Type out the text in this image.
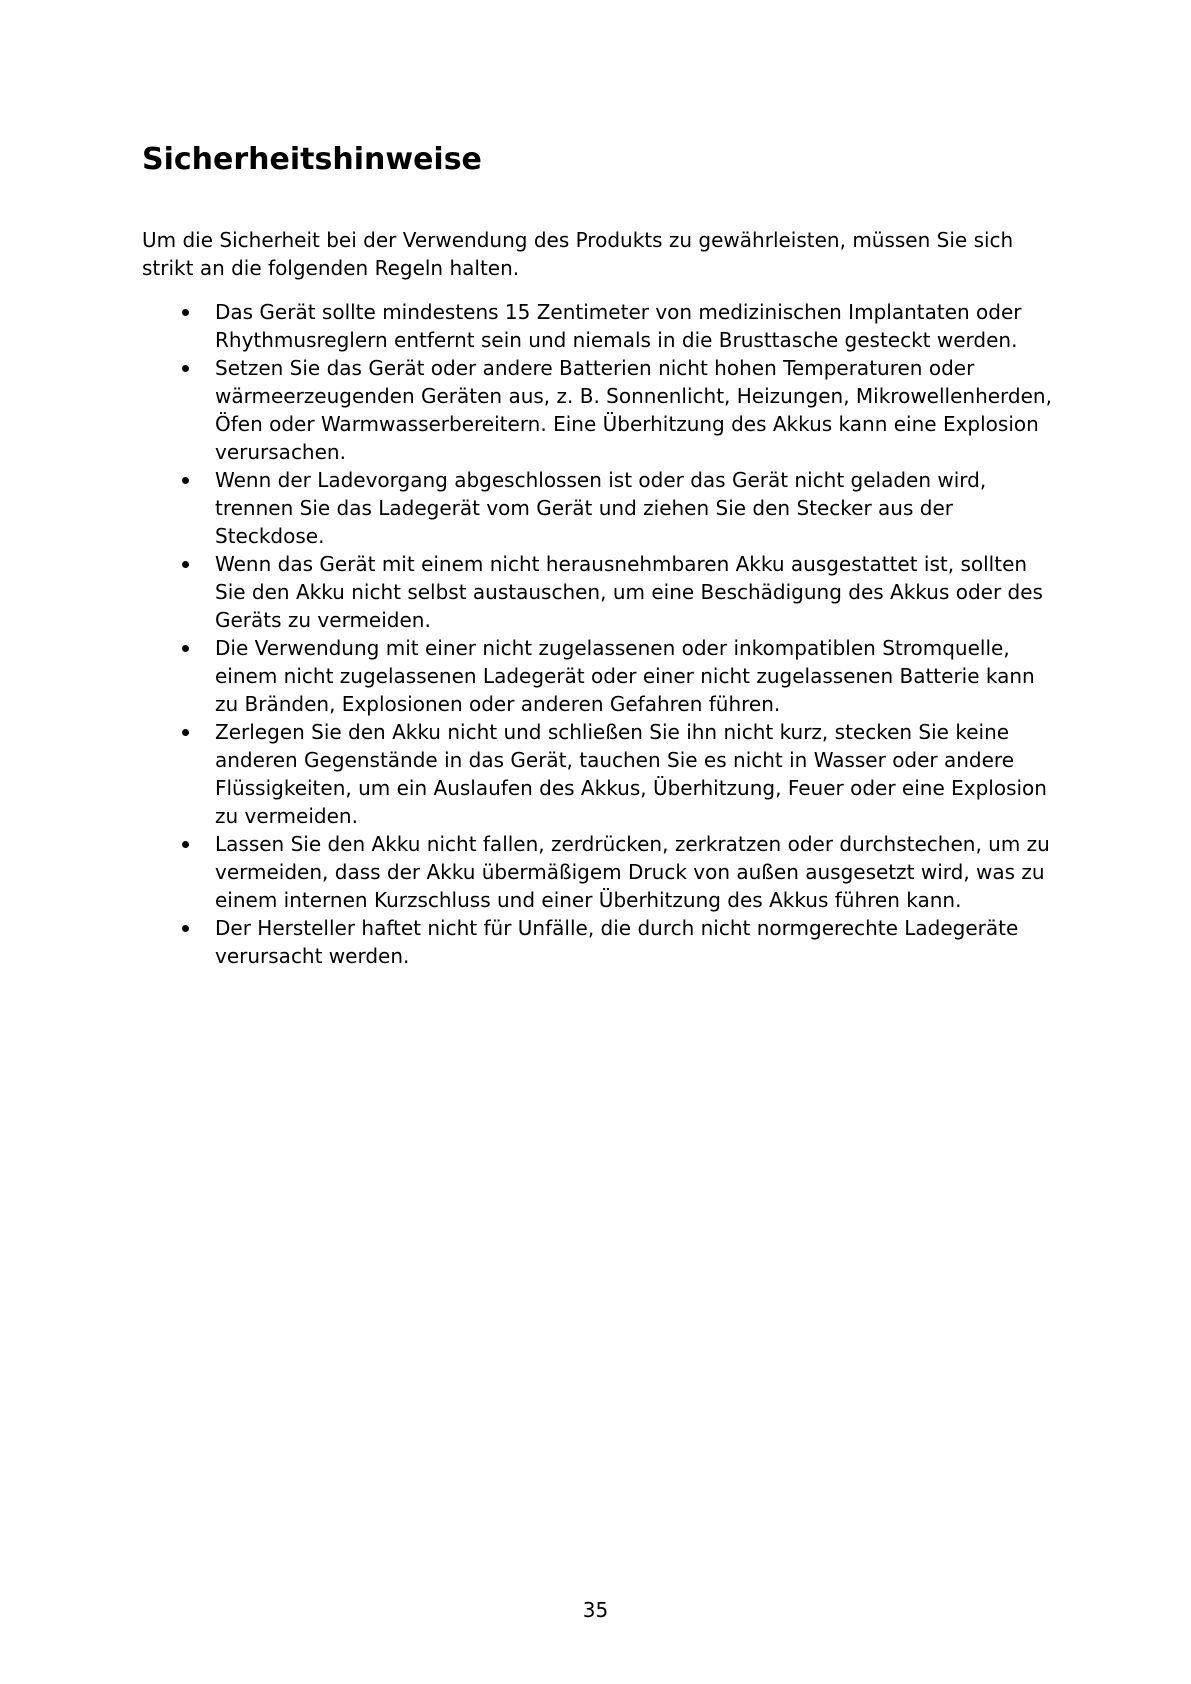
Sicherheitshinweise
Um die Sicherheit bei der Verwendung des Produkts zu gewährleisten, müssen Sie sich
strikt an die folgenden Regeln halten.
Das Gerät sollte mindestens 15 Zentimeter von medizinischen Implantaten oder
Rhythmusreglern entfernt sein und niemals in die Brusttasche gesteckt werden.
Setzen Sie das Gerät oder andere Batterien nicht hohen Temperaturen oder
wärmeerzeugenden Geräten aus, z. B. Sonnenlicht, Heizungen, Mikrowellenherden,
Öfen oder Warmwasserbereitern. Eine Überhitzung des Akkus kann eine Explosion
verursachen.
Wenn der Ladevorgang abgeschlossen ist oder das Gerät nicht geladen wird,
trennen Sie das Ladegerät vom Gerät und ziehen Sie den Stecker aus der
Steckdose.
Wenn das Gerät mit einem nicht herausnehmbaren Akku ausgestattet ist, sollten
Sie den Akku nicht selbst austauschen, um eine Beschädigung des Akkus oder des
Geräts zu vermeiden.
Die Verwendung mit einer nicht zugelassenen oder inkompatiblen Stromquelle,
einem nicht zugelassenen Ladegerät oder einer nicht zugelassenen Batterie kann
zu Bränden, Explosionen oder anderen Gefahren führen.
Zerlegen Sie den Akku nicht und schließen Sie ihn nicht kurz, stecken Sie keine
anderen Gegenstände in das Gerät, tauchen Sie es nicht in Wasser oder andere
Flüssigkeiten, um ein Auslaufen des Akkus, Überhitzung, Feuer oder eine Explosion
zu vermeiden.
Lassen Sie den Akku nicht fallen, zerdrücken, zerkratzen oder durchstechen, um zu
vermeiden, dass der Akku übermäßigem Druck von außen ausgesetzt wird, was zu
einem internen Kurzschluss und einer Überhitzung des Akkus führen kann.
Der Hersteller haftet nicht für Unfälle, die durch nicht normgerechte Ladegeräte
verursacht werden.
35
